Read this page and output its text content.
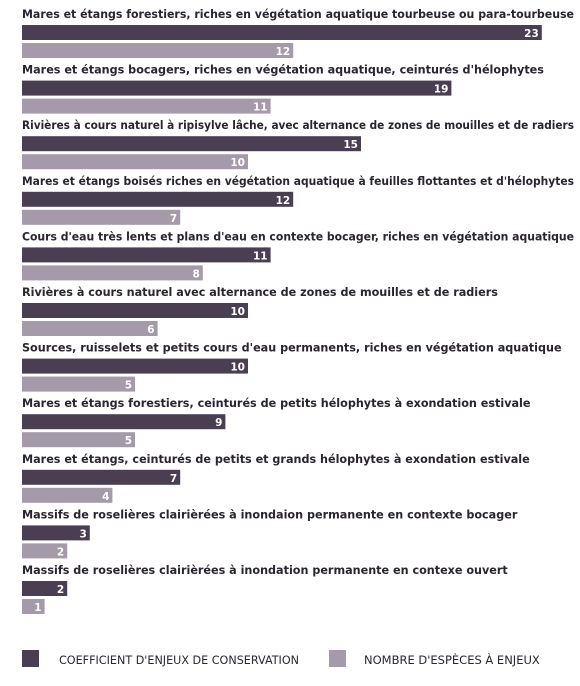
Mares et étangs forestiers, riches en végétation aquatique tourbeuse ou para-tourbeuse
23
12
Mares et étangs bocagers, riches en végétation aquatique, ceinturés d'hélophytes
19
11
Rivières à cours naturel à ripisylve lâche, avec alternance de zones de mouilles et de radiers
15
10
Mares et étangs boisés riches en végétation aquatique à feuilles flottantes et d'hélophytes
12
7
Cours d'eau très lents et plans d'eau en contexte bocager, riches en végétation aquatique
11
8
Rivières à cours naturel avec alternance de zones de mouilles et de radiers
10
6
Sources, ruisselets et petits cours d'eau permanents, riches en végétation aquatique
10
5
Mares et étangs forestiers, ceinturés de petits hélophytes à exondation estivale
9
5
Mares et étangs, ceinturés de petits et grands hélophytes à exondation estivale
7
4
Massifs de roselières clairièrées à inondaion permanente en contexte bocager
3
2
Massifs de roselières clairièrées à inondation permanente en contexe ouvert
2
1
COEFFICIENT D'ENJEUX DE CONSERVATION	NOMBRE D'ESPÈCES À ENJEUX
